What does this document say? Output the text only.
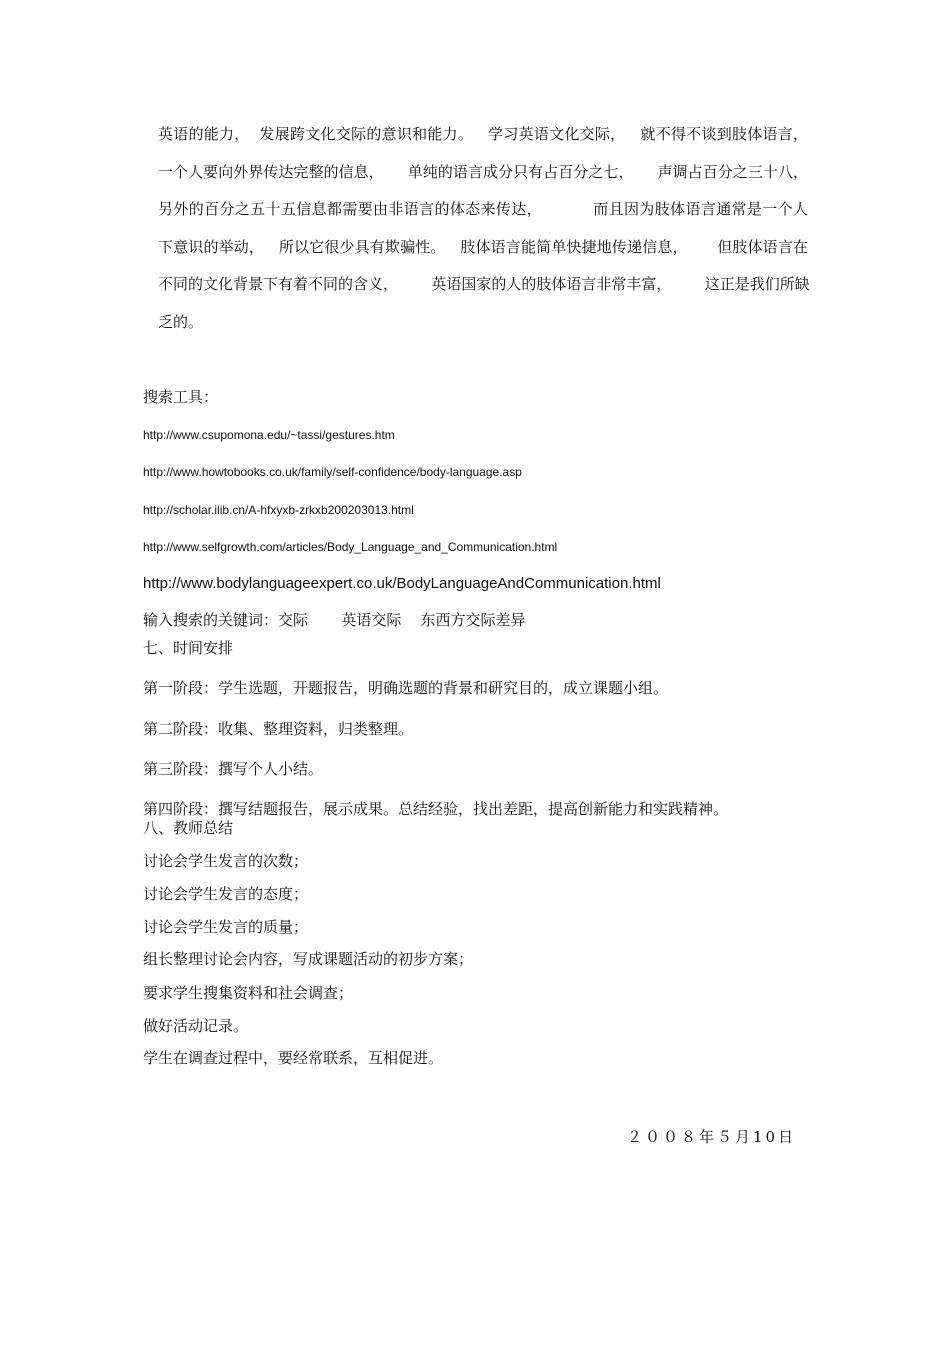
英语的能力，  发展跨文化交际的意识和能力。   学习英语文化交际，   就不得不谈到肢体语言，
一个人要向外界传达完整的信息，     单纯的语言成分只有占百分之七，     声调占百分之三十八，
另外的百分之五十五信息都需要由非语言的体态来传达，          而且因为肢体语言通常是一个人
下意识的举动，   所以它很少具有欺骗性。   肢体语言能简单快捷地传递信息，      但肢体语言在
不同的文化背景下有着不同的含义，       英语国家的人的肢体语言非常丰富，       这正是我们所缺
乏的。
搜索工具：
http://www.csupomona.edu/~tassi/gestures.htm
http://www.howtobooks.co.uk/family/self-confidence/body-language.asp
http://scholar.ilib.cn/A-hfxyxb-zrkxb200203013.html
http://www.selfgrowth.com/articles/Body_Language_and_Communication.html
http://www.bodylanguageexpert.co.uk/BodyLanguageAndCommunication.html
输入搜索的关键词：交际       英语交际    东西方交际差异
七、时间安排
第一阶段：学生选题，开题报告，明确选题的背景和研究目的，成立课题小组。
第二阶段：收集、整理资料，归类整理。
第三阶段：撰写个人小结。
第四阶段：撰写结题报告，展示成果。总结经验，找出差距，提高创新能力和实践精神。
八、教师总结
讨论会学生发言的次数；
讨论会学生发言的态度；
讨论会学生发言的质量；
组长整理讨论会内容，写成课题活动的初步方案；
要求学生搜集资料和社会调查；
做好活动记录。
学生在调查过程中，要经常联系，互相促进。
２００８年５月10日
